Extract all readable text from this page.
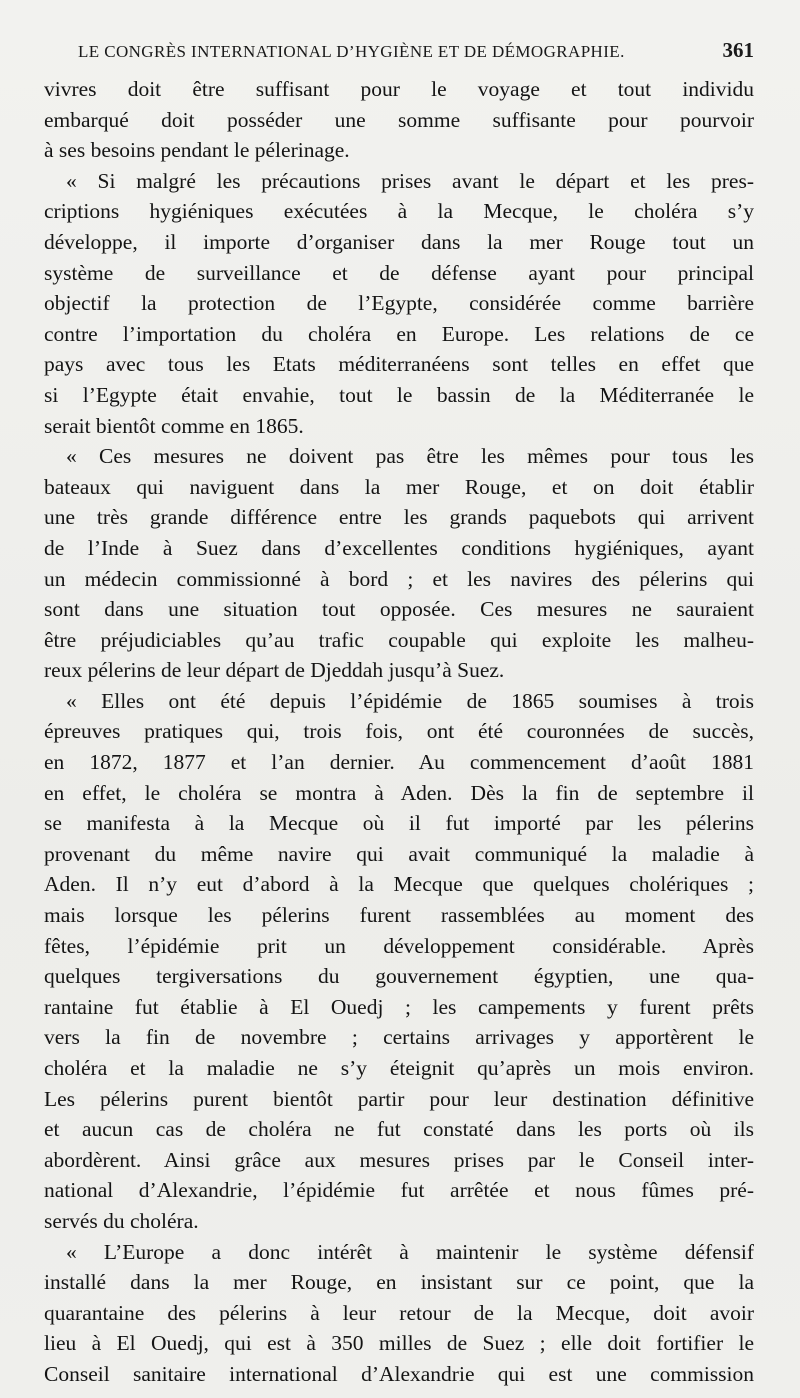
LE CONGRÈS INTERNATIONAL D’HYGIÈNE ET DE DÉMOGRAPHIE.	361
vivres doit être suffisant pour le voyage et tout individu
embarqué doit posséder une somme suffisante pour pourvoir
à ses besoins pendant le pélerinage.
« Si malgré les précautions prises avant le départ et les pres-
criptions hygiéniques exécutées à la Mecque, le choléra s’y
développe, il importe d’organiser dans la mer Rouge tout un
système de surveillance et de défense ayant pour principal
objectif la protection de l’Egypte, considérée comme barrière
contre l’importation du choléra en Europe. Les relations de ce
pays avec tous les Etats méditerranéens sont telles en effet que
si l’Egypte était envahie, tout le bassin de la Méditerranée le
serait bientôt comme en 1865.
« Ces mesures ne doivent pas être les mêmes pour tous les
bateaux qui naviguent dans la mer Rouge, et on doit établir
une très grande différence entre les grands paquebots qui arrivent
de l’Inde à Suez dans d’excellentes conditions hygiéniques, ayant
un médecin commissionné à bord ; et les navires des pélerins qui
sont dans une situation tout opposée. Ces mesures ne sauraient
être préjudiciables qu’au trafic coupable qui exploite les malheu-
reux pélerins de leur départ de Djeddah jusqu’à Suez.
« Elles ont été depuis l’épidémie de 1865 soumises à trois
épreuves pratiques qui, trois fois, ont été couronnées de succès,
en 1872, 1877 et l’an dernier. Au commencement d’août 1881
en effet, le choléra se montra à Aden. Dès la fin de septembre il
se manifesta à la Mecque où il fut importé par les pélerins
provenant du même navire qui avait communiqué la maladie à
Aden. Il n’y eut d’abord à la Mecque que quelques cholériques ;
mais lorsque les pélerins furent rassemblées au moment des
fêtes, l’épidémie prit un développement considérable. Après
quelques tergiversations du gouvernement égyptien, une qua-
rantaine fut établie à El Ouedj ; les campements y furent prêts
vers la fin de novembre ; certains arrivages y apportèrent le
choléra et la maladie ne s’y éteignit qu’après un mois environ.
Les pélerins purent bientôt partir pour leur destination définitive
et aucun cas de choléra ne fut constaté dans les ports où ils
abordèrent. Ainsi grâce aux mesures prises par le Conseil inter-
national d’Alexandrie, l’épidémie fut arrêtée et nous fûmes pré-
servés du choléra.
« L’Europe a donc intérêt à maintenir le système défensif
installé dans la mer Rouge, en insistant sur ce point, que la
quarantaine des pélerins à leur retour de la Mecque, doit avoir
lieu à El Ouedj, qui est à 350 milles de Suez ; elle doit fortifier le
Conseil sanitaire international d’Alexandrie qui est une commission
